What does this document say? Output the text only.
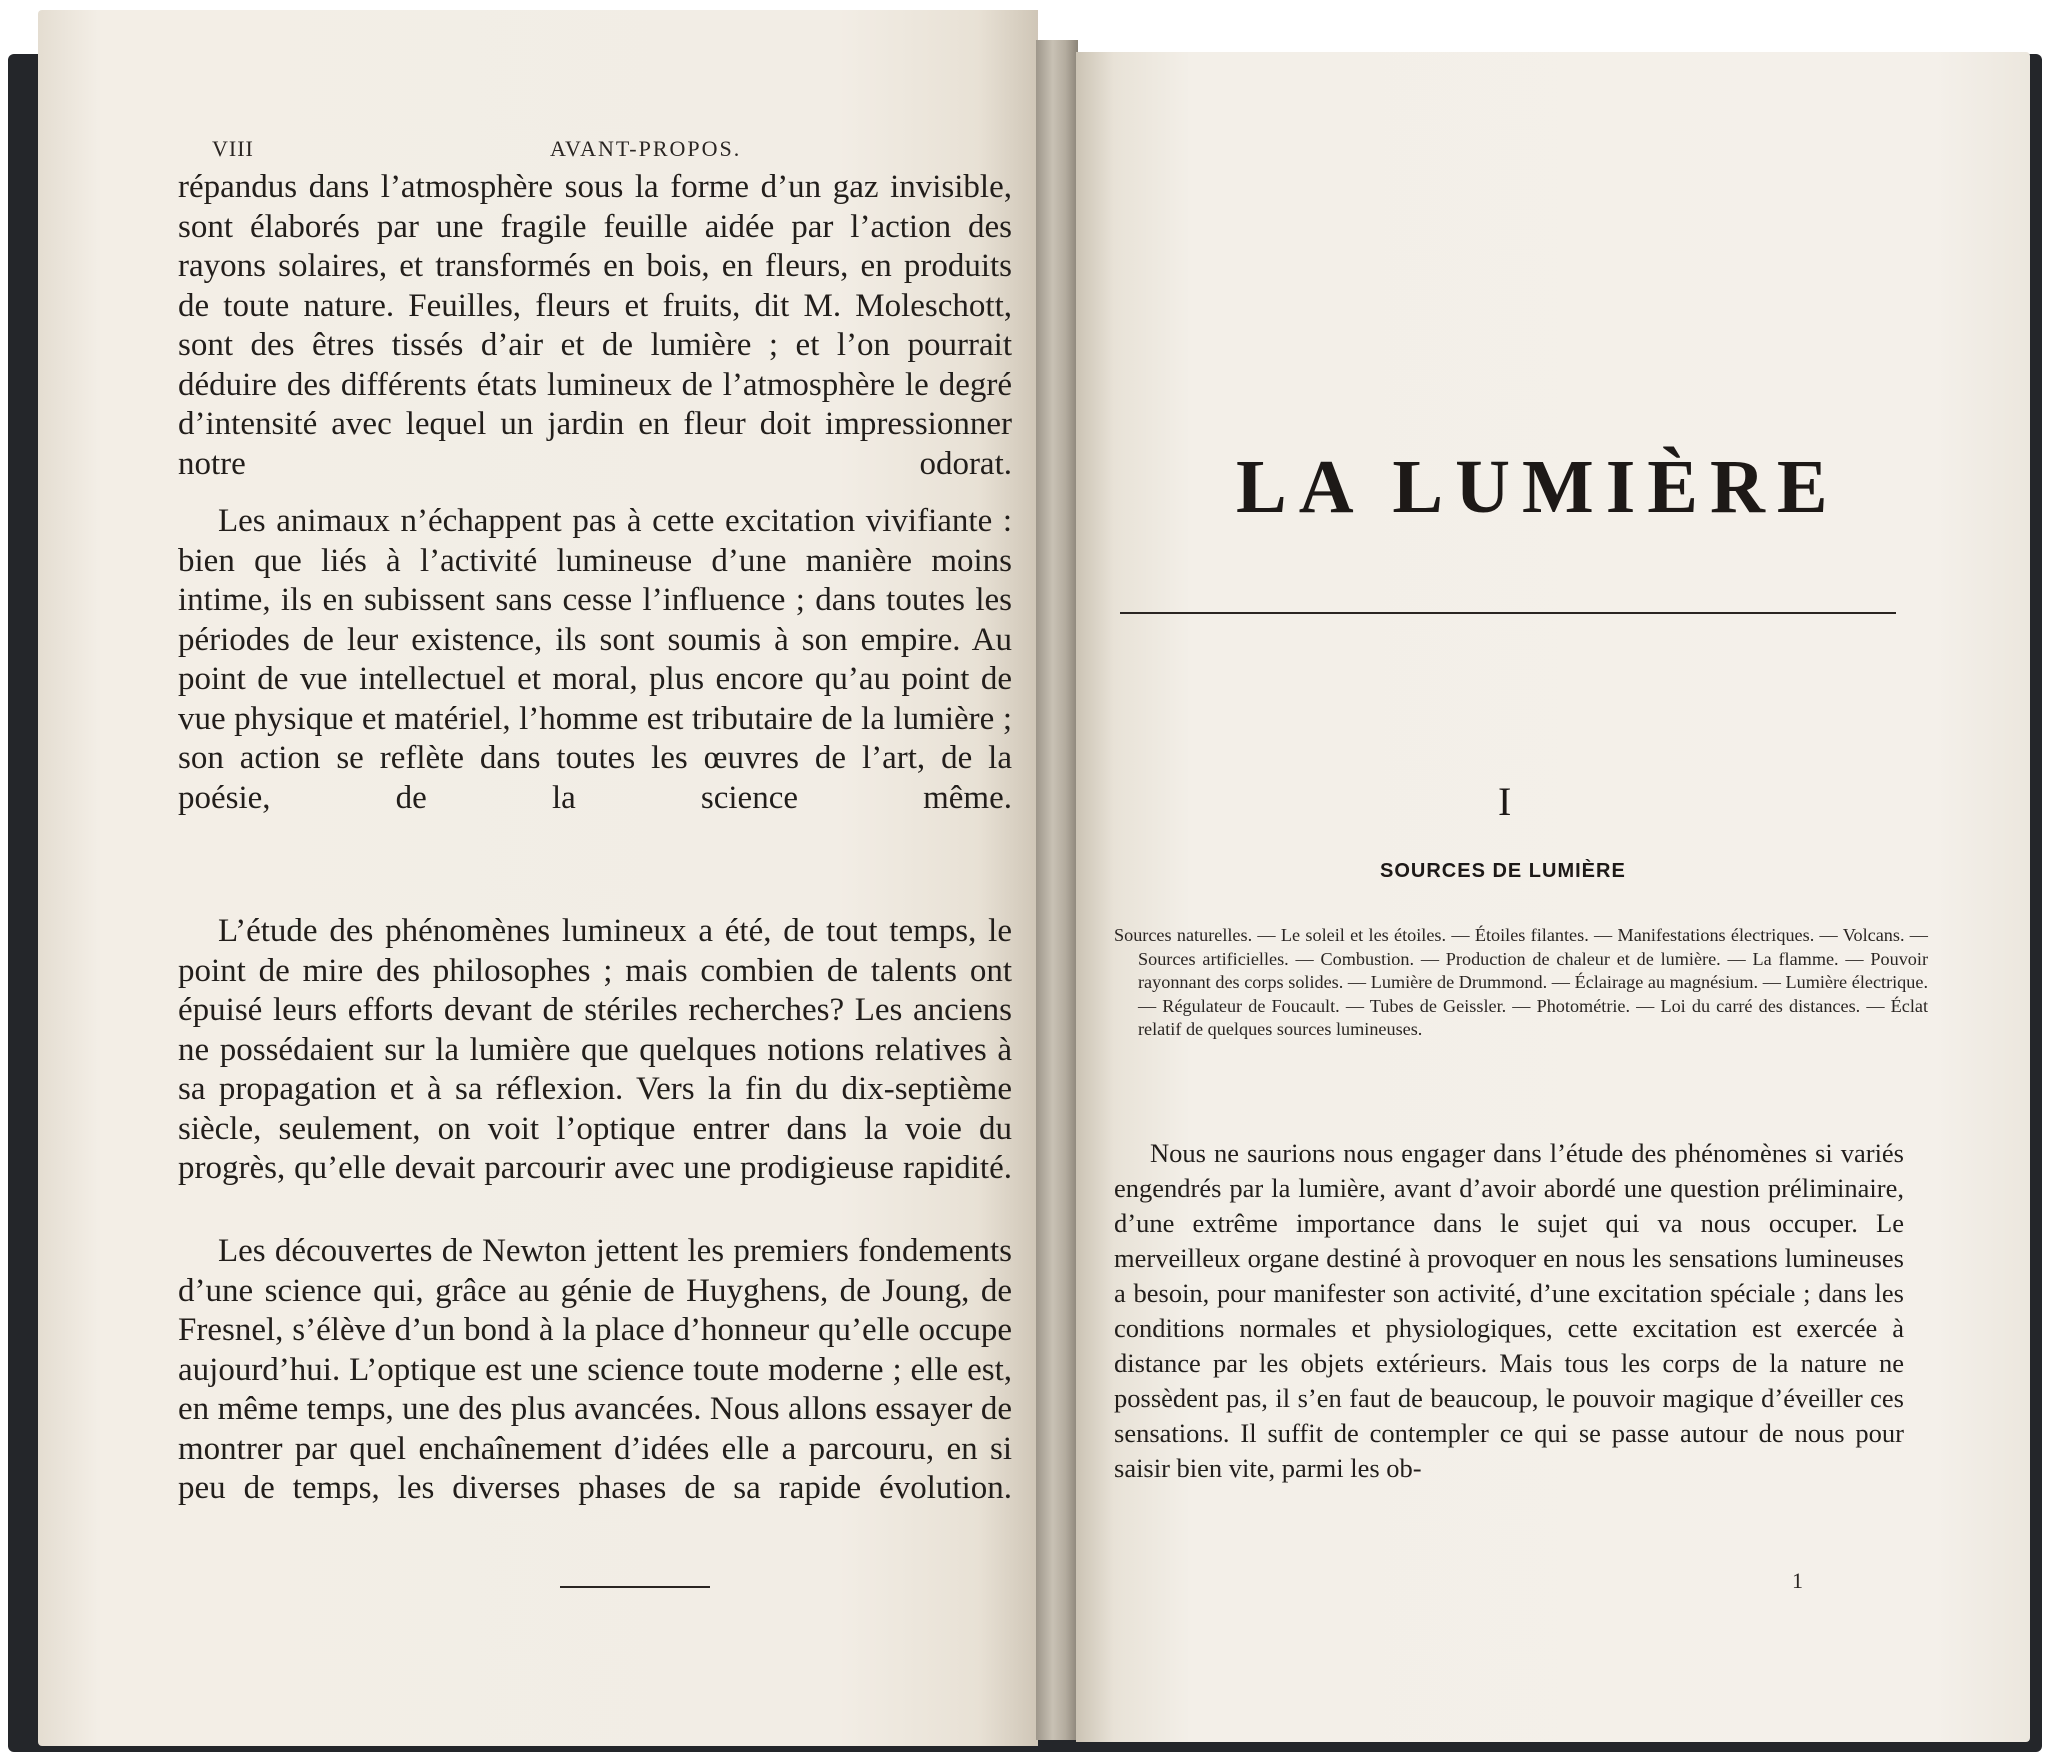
VIII	AVANT-PROPOS.

répandus dans l’atmosphère sous la forme d’un gaz invisible, sont élaborés par une fragile feuille aidée par l’action des rayons solaires, et transformés en bois, en fleurs, en produits de toute nature. Feuilles, fleurs et fruits, dit M. Moleschott, sont des êtres tissés d’air et de lumière ; et l’on pourrait déduire des différents états lumineux de l’atmosphère le degré d’intensité avec lequel un jardin en fleur doit impressionner notre odorat.

Les animaux n’échappent pas à cette excitation vivifiante : bien que liés à l’activité lumineuse d’une manière moins intime, ils en subissent sans cesse l’influence ; dans toutes les périodes de leur existence, ils sont soumis à son empire. Au point de vue intellectuel et moral, plus encore qu’au point de vue physique et matériel, l’homme est tributaire de la lumière ; son action se reflète dans toutes les œuvres de l’art, de la poésie, de la science même.

L’étude des phénomènes lumineux a été, de tout temps, le point de mire des philosophes ; mais combien de talents ont épuisé leurs efforts devant de stériles recherches? Les anciens ne possédaient sur la lumière que quelques notions relatives à sa propagation et à sa réflexion. Vers la fin du dix-septième siècle, seulement, on voit l’optique entrer dans la voie du progrès, qu’elle devait parcourir avec une prodigieuse rapidité.

Les découvertes de Newton jettent les premiers fondements d’une science qui, grâce au génie de Huyghens, de Joung, de Fresnel, s’élève d’un bond à la place d’honneur qu’elle occupe aujourd’hui. L’optique est une science toute moderne ; elle est, en même temps, une des plus avancées. Nous allons essayer de montrer par quel enchaînement d’idées elle a parcouru, en si peu de temps, les diverses phases de sa rapide évolution.

LA LUMIÈRE
I
SOURCES DE LUMIÈRE
Sources naturelles. — Le soleil et les étoiles. — Étoiles filantes. — Manifestations électriques. — Volcans. — Sources artificielles. — Combustion. — Production de chaleur et de lumière. — La flamme. — Pouvoir rayonnant des corps solides. — Lumière de Drummond. — Éclairage au magnésium. — Lumière électrique. — Régulateur de Foucault. — Tubes de Geissler. — Photométrie. — Loi du carré des distances. — Éclat relatif de quelques sources lumineuses.

Nous ne saurions nous engager dans l’étude des phénomènes si variés engendrés par la lumière, avant d’avoir abordé une question préliminaire, d’une extrême importance dans le sujet qui va nous occuper. Le merveilleux organe destiné à provoquer en nous les sensations lumineuses a besoin, pour manifester son activité, d’une excitation spéciale ; dans les conditions normales et physiologiques, cette excitation est exercée à distance par les objets extérieurs. Mais tous les corps de la nature ne possèdent pas, il s’en faut de beaucoup, le pouvoir magique d’éveiller ces sensations. Il suffit de contempler ce qui se passe autour de nous pour saisir bien vite, parmi les ob-

1
